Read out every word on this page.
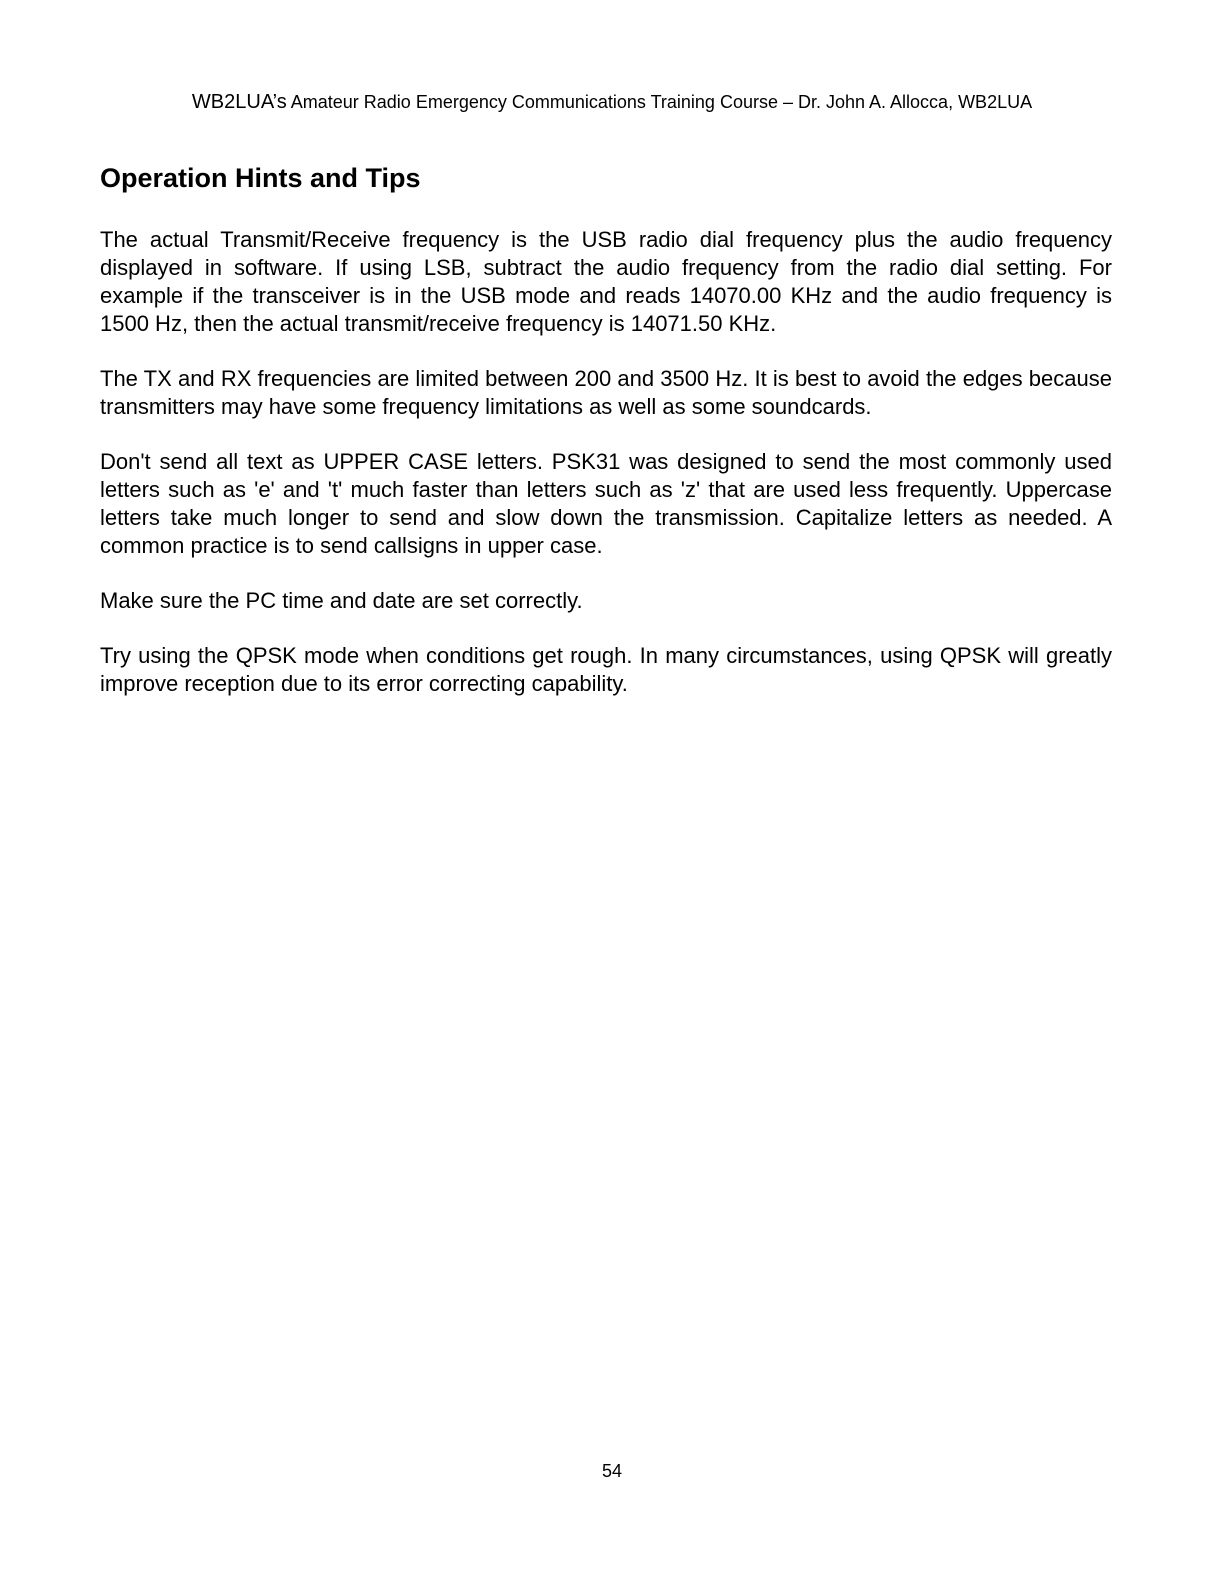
WB2LUA’s Amateur Radio Emergency Communications Training Course – Dr. John A. Allocca, WB2LUA
Operation Hints and Tips

The actual Transmit/Receive frequency is the USB radio dial frequency plus the audio frequency displayed in software. If using LSB, subtract the audio frequency from the radio dial setting. For example if the transceiver is in the USB mode and reads 14070.00 KHz and the audio frequency is 1500 Hz, then the actual transmit/receive frequency is 14071.50 KHz.

The TX and RX frequencies are limited between 200 and 3500 Hz. It is best to avoid the edges because transmitters may have some frequency limitations as well as some soundcards.

Don't send all text as UPPER CASE letters. PSK31 was designed to send the most commonly used letters such as 'e' and 't' much faster than letters such as 'z' that are used less frequently. Uppercase letters take much longer to send and slow down the transmission. Capitalize letters as needed. A common practice is to send callsigns in upper case.

Make sure the PC time and date are set correctly.

Try using the QPSK mode when conditions get rough. In many circumstances, using QPSK will greatly improve reception due to its error correcting capability.

54
